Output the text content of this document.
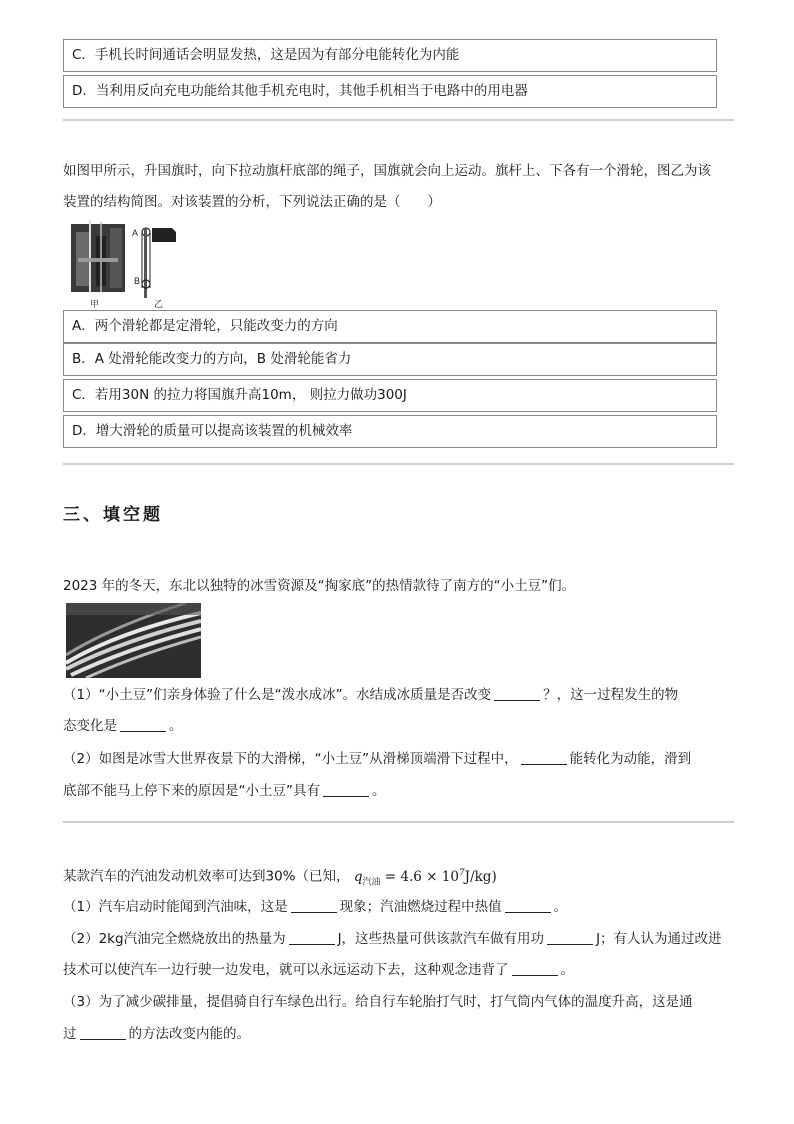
C．手机长时间通话会明显发热，这是因为有部分电能转化为内能
D．当利用反向充电功能给其他手机充电时，其他手机相当于电路中的用电器
如图甲所示，升国旗时，向下拉动旗杆底部的绳子，国旗就会向上运动。旗杆上、下各有一个滑轮，图乙为该
装置的结构简图。对该装置的分析，下列说法正确的是（　　）
A
B
甲	乙
A．两个滑轮都是定滑轮，只能改变力的方向
B．A 处滑轮能改变力的方向，B 处滑轮能省力
C．若用30N 的拉力将国旗升高10m， 则拉力做功300J
D．增大滑轮的质量可以提高该装置的机械效率
三、填空题
2023 年的冬天，东北以独特的冰雪资源及“掏家底”的热情款待了南方的“小土豆”们。
（1）“小土豆”们亲身体验了什么是“泼水成冰”。水结成冰质量是否改变	？，这一过程发生的物
态变化是	。
（2）如图是冰雪大世界夜景下的大滑梯，“小土豆”从滑梯顶端滑下过程中，	能转化为动能，滑到
底部不能马上停下来的原因是“小土豆”具有	。
某款汽车的汽油发动机效率可达到30%（已知， $q_{汽油} = 4.6 \times 10^7J/kg$)
（1）汽车启动时能闻到汽油味，这是	现象；汽油燃烧过程中热值	。
（2）2kg汽油完全燃烧放出的热量为	J，这些热量可供该款汽车做有用功	J；有人认为通过改进
技术可以使汽车一边行驶一边发电，就可以永远运动下去，这种观念违背了	。
（3）为了减少碳排量，提倡骑自行车绿色出行。给自行车轮胎打气时，打气筒内气体的温度升高，这是通
过	的方法改变内能的。
